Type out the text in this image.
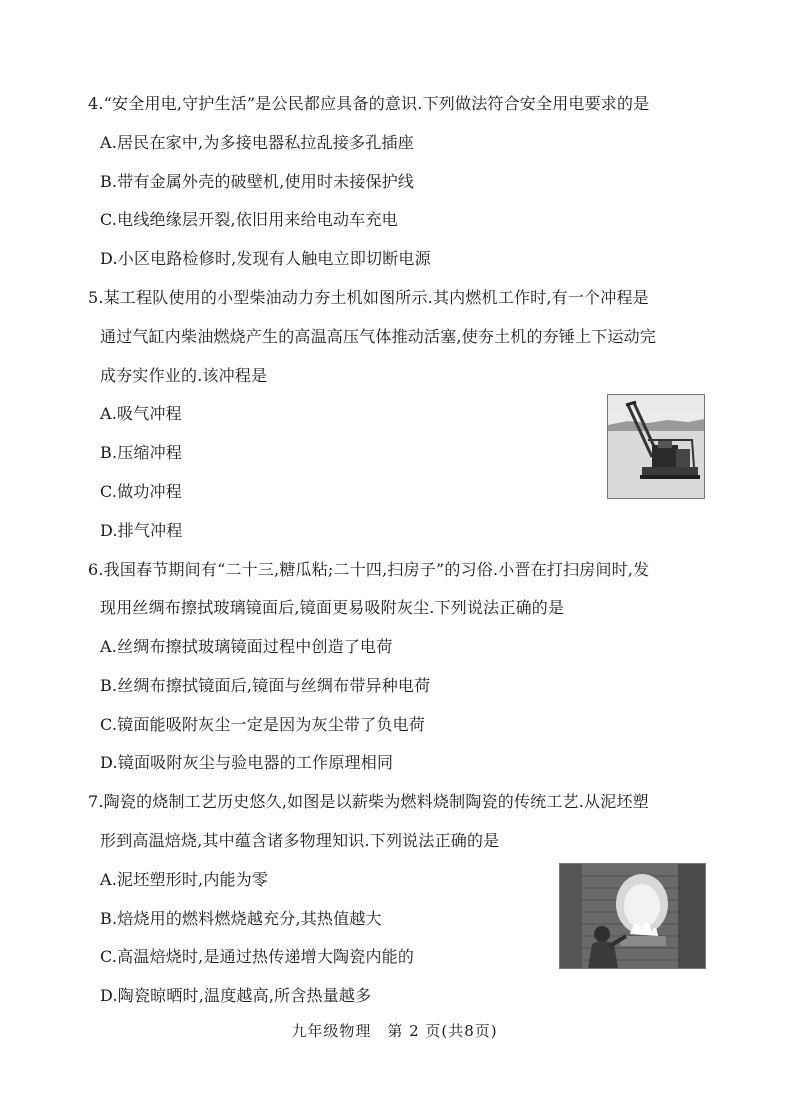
4.“安全用电,守护生活”是公民都应具备的意识.下列做法符合安全用电要求的是
A.居民在家中,为多接电器私拉乱接多孔插座
B.带有金属外壳的破壁机,使用时未接保护线
C.电线绝缘层开裂,依旧用来给电动车充电
D.小区电路检修时,发现有人触电立即切断电源
5.某工程队使用的小型柴油动力夯土机如图所示.其内燃机工作时,有一个冲程是
通过气缸内柴油燃烧产生的高温高压气体推动活塞,使夯土机的夯锤上下运动完
成夯实作业的.该冲程是
A.吸气冲程
B.压缩冲程
C.做功冲程
D.排气冲程
6.我国春节期间有“二十三,糖瓜粘;二十四,扫房子”的习俗.小晋在打扫房间时,发
现用丝绸布擦拭玻璃镜面后,镜面更易吸附灰尘.下列说法正确的是
A.丝绸布擦拭玻璃镜面过程中创造了电荷
B.丝绸布擦拭镜面后,镜面与丝绸布带异种电荷
C.镜面能吸附灰尘一定是因为灰尘带了负电荷
D.镜面吸附灰尘与验电器的工作原理相同
7.陶瓷的烧制工艺历史悠久,如图是以薪柴为燃料烧制陶瓷的传统工艺.从泥坯塑
形到高温焙烧,其中蕴含诸多物理知识.下列说法正确的是
A.泥坯塑形时,内能为零
B.焙烧用的燃料燃烧越充分,其热值越大
C.高温焙烧时,是通过热传递增大陶瓷内能的
D.陶瓷晾晒时,温度越高,所含热量越多
九年级物理　第 2 页(共8页)
